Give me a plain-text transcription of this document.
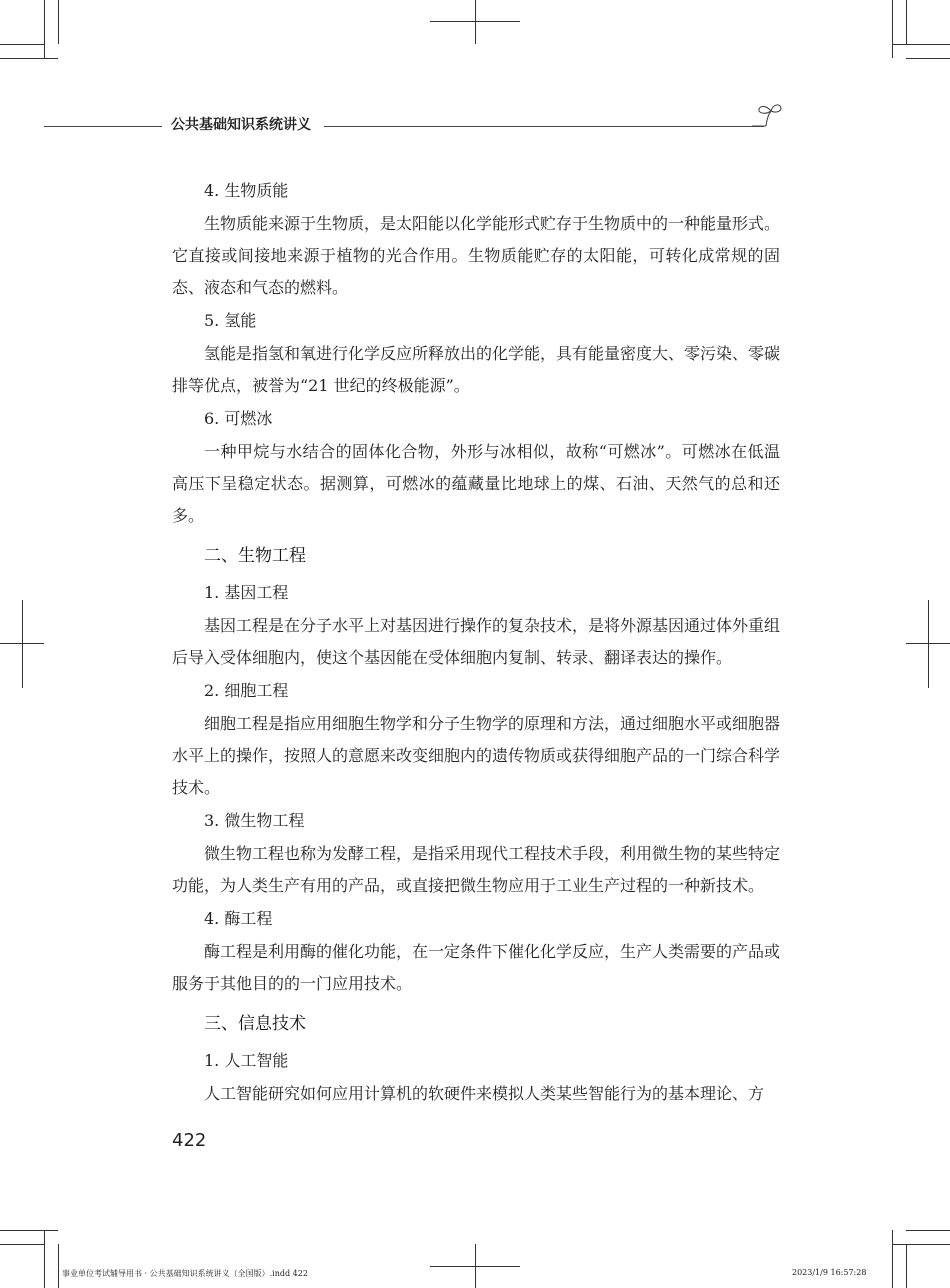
公共基础知识系统讲义
4. 生物质能

生物质能来源于生物质，是太阳能以化学能形式贮存于生物质中的一种能量形式。它直接或间接地来源于植物的光合作用。生物质能贮存的太阳能，可转化成常规的固态、液态和气态的燃料。

5. 氢能

氢能是指氢和氧进行化学反应所释放出的化学能，具有能量密度大、零污染、零碳排等优点，被誉为“21 世纪的终极能源”。

6. 可燃冰

一种甲烷与水结合的固体化合物，外形与冰相似，故称“可燃冰”。可燃冰在低温高压下呈稳定状态。据测算，可燃冰的蕴藏量比地球上的煤、石油、天然气的总和还多。

二、生物工程
1. 基因工程

基因工程是在分子水平上对基因进行操作的复杂技术，是将外源基因通过体外重组后导入受体细胞内，使这个基因能在受体细胞内复制、转录、翻译表达的操作。

2. 细胞工程

细胞工程是指应用细胞生物学和分子生物学的原理和方法，通过细胞水平或细胞器水平上的操作，按照人的意愿来改变细胞内的遗传物质或获得细胞产品的一门综合科学技术。

3. 微生物工程

微生物工程也称为发酵工程，是指采用现代工程技术手段，利用微生物的某些特定功能，为人类生产有用的产品，或直接把微生物应用于工业生产过程的一种新技术。

4. 酶工程

酶工程是利用酶的催化功能，在一定条件下催化化学反应，生产人类需要的产品或服务于其他目的的一门应用技术。

三、信息技术
1. 人工智能

人工智能研究如何应用计算机的软硬件来模拟人类某些智能行为的基本理论、方

422
事业单位考试辅导用书 · 公共基础知识系统讲义（全国版）.indd 422	2023/1/9 16:57:28
